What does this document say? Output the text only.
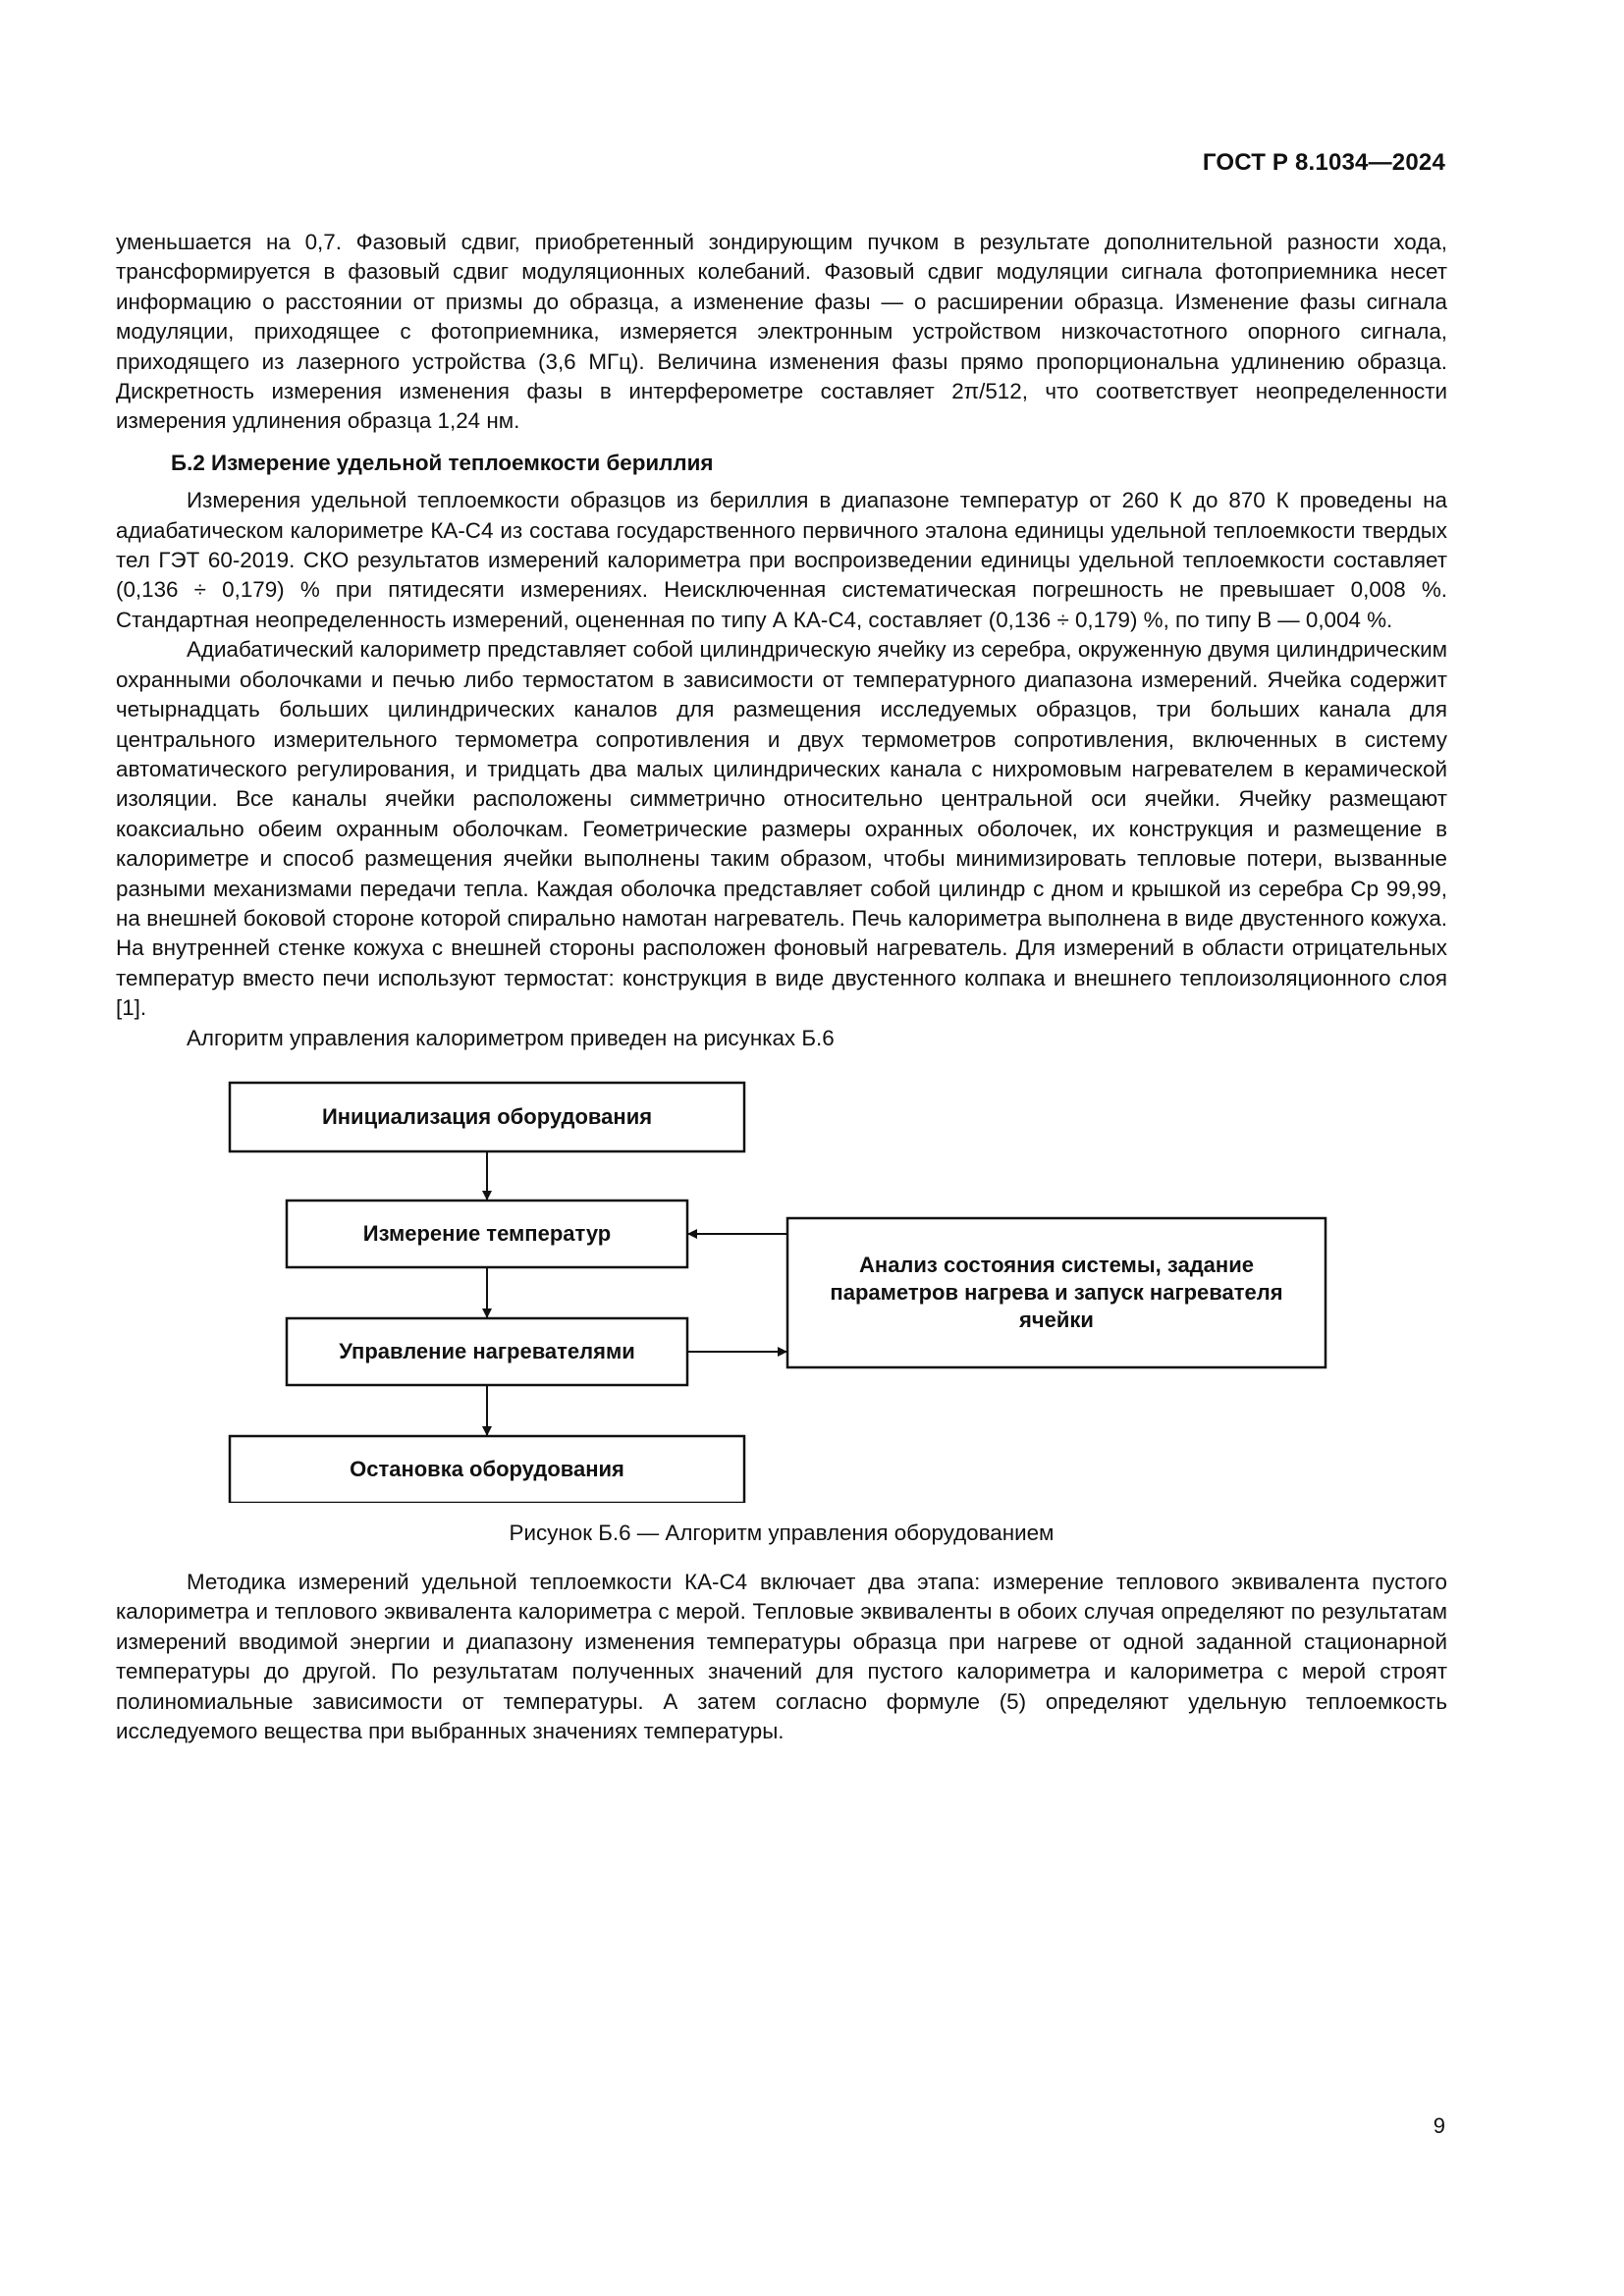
ГОСТ Р 8.1034—2024

уменьшается на 0,7. Фазовый сдвиг, приобретенный зондирующим пучком в результате дополнительной разности хода, трансформируется в фазовый сдвиг модуляционных колебаний. Фазовый сдвиг модуляции сигнала фотоприемника несет информацию о расстоянии от призмы до образца, а изменение фазы — о расширении образца. Изменение фазы сигнала модуляции, приходящее с фотоприемника, измеряется электронным устройством низкочастотного опорного сигнала, приходящего из лазерного устройства (3,6 МГц). Величина изменения фазы прямо пропорциональна удлинению образца. Дискретность измерения изменения фазы в интерферометре составляет 2π/512, что соответствует неопределенности измерения удлинения образца 1,24 нм.

Б.2 Измерение удельной теплоемкости бериллия

Измерения удельной теплоемкости образцов из бериллия в диапазоне температур от 260 К до 870 К проведены на адиабатическом калориметре КА-С4 из состава государственного первичного эталона единицы удельной теплоемкости твердых тел ГЭТ 60-2019. СКО результатов измерений калориметра при воспроизведении единицы удельной теплоемкости составляет (0,136 ÷ 0,179) % при пятидесяти измерениях. Неисключенная систематическая погрешность не превышает 0,008 %. Стандартная неопределенность измерений, оцененная по типу А КА-С4, составляет (0,136 ÷ 0,179) %, по типу В — 0,004 %.

Адиабатический калориметр представляет собой цилиндрическую ячейку из серебра, окруженную двумя цилиндрическим охранными оболочками и печью либо термостатом в зависимости от температурного диапазона измерений. Ячейка содержит четырнадцать больших цилиндрических каналов для размещения исследуемых образцов, три больших канала для центрального измерительного термометра сопротивления и двух термометров сопротивления, включенных в систему автоматического регулирования, и тридцать два малых цилиндрических канала с нихромовым нагревателем в керамической изоляции. Все каналы ячейки расположены симметрично относительно центральной оси ячейки. Ячейку размещают коаксиально обеим охранным оболочкам. Геометрические размеры охранных оболочек, их конструкция и размещение в калориметре и способ размещения ячейки выполнены таким образом, чтобы минимизировать тепловые потери, вызванные разными механизмами передачи тепла. Каждая оболочка представляет собой цилиндр с дном и крышкой из серебра Ср 99,99, на внешней боковой стороне которой спирально намотан нагреватель. Печь калориметра выполнена в виде двустенного кожуха. На внутренней стенке кожуха с внешней стороны расположен фоновый нагреватель. Для измерений в области отрицательных температур вместо печи используют термостат: конструкция в виде двустенного колпака и внешнего теплоизоляционного слоя [1].

Алгоритм управления калориметром приведен на рисунках Б.6

Инициализация оборудования
Измерение температур
Управление нагревателями
Остановка оборудования
Анализ состояния системы, задание параметров нагрева и запуск нагревателя ячейки

Рисунок Б.6 — Алгоритм управления оборудованием

Методика измерений удельной теплоемкости КА-С4 включает два этапа: измерение теплового эквивалента пустого калориметра и теплового эквивалента калориметра с мерой. Тепловые эквиваленты в обоих случая определяют по результатам измерений вводимой энергии и диапазону изменения температуры образца при нагреве от одной заданной стационарной температуры до другой. По результатам полученных значений для пустого калориметра и калориметра с мерой строят полиномиальные зависимости от температуры. А затем согласно формуле (5) определяют удельную теплоемкость исследуемого вещества при выбранных значениях температуры.

9
